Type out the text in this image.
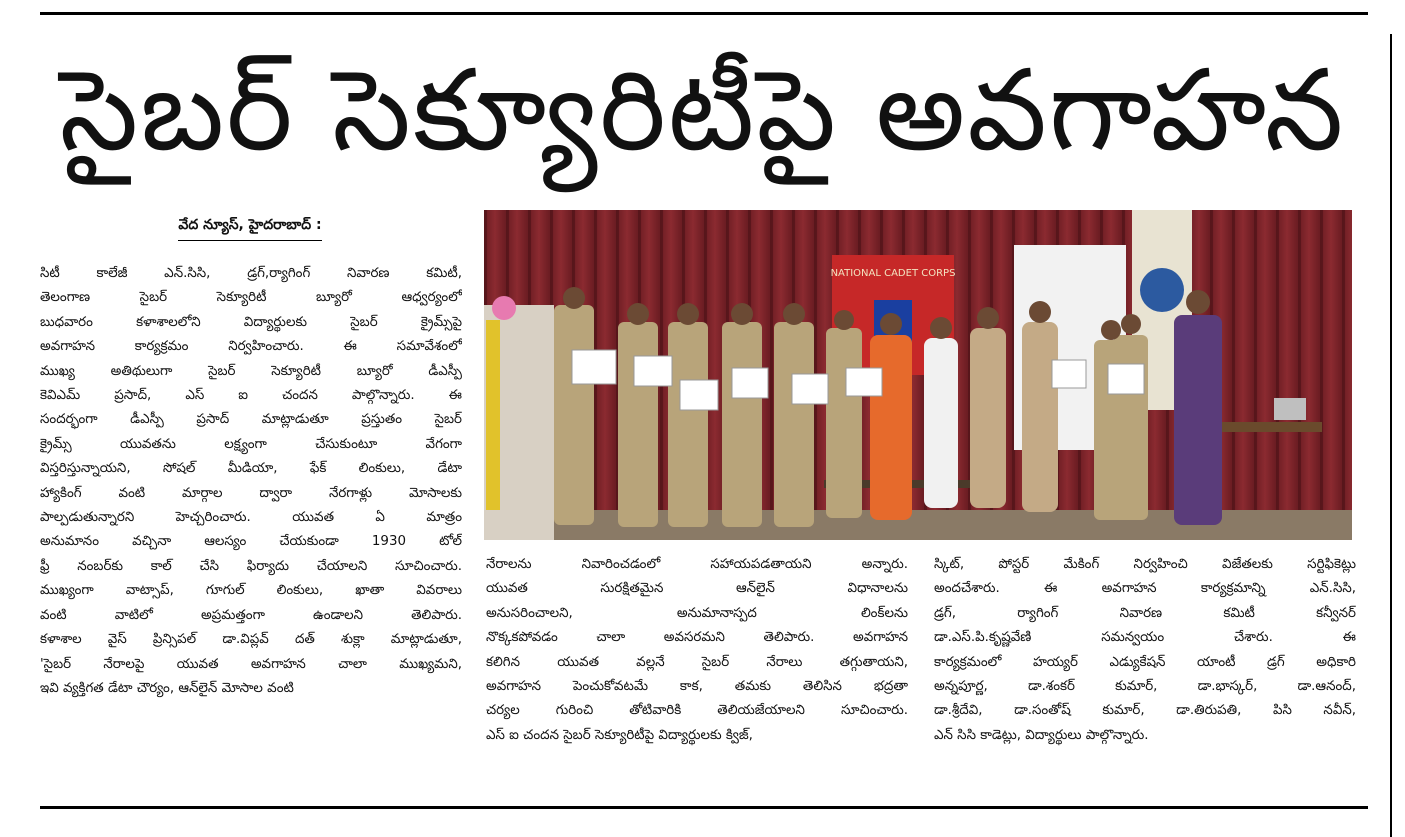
సైబర్ సెక్యూరిటీపై అవగాహన
వేద న్యూస్, హైదరాబాద్ :
సిటీ కాలేజీ ఎన్.సిసి, డ్రగ్,ర్యాగింగ్ నివారణ కమిటీ,
తెలంగాణ సైబర్ సెక్యూరిటీ బ్యూరో ఆధ్వర్యంలో
బుధవారం కళాశాలలోని విద్యార్థులకు సైబర్ క్రైమ్స్‌పై
అవగాహన కార్యక్రమం నిర్వహించారు. ఈ సమావేశంలో
ముఖ్య అతిథులుగా సైబర్ సెక్యూరిటీ బ్యూరో డీఎస్పీ
కెవిఎమ్ ప్రసాద్, ఎస్ ఐ చందన పాల్గొన్నారు. ఈ
సందర్భంగా డీఎస్పీ ప్రసాద్ మాట్లాడుతూ ప్రస్తుతం సైబర్
క్రైమ్స్ యువతను లక్ష్యంగా చేసుకుంటూ వేగంగా
విస్తరిస్తున్నాయని, సోషల్ మీడియా, ఫేక్ లింకులు, డేటా
హ్యాకింగ్ వంటి మార్గాల ద్వారా నేరగాళ్లు మోసాలకు
పాల్పడుతున్నారని హెచ్చరించారు. యువత ఏ మాత్రం
అనుమానం వచ్చినా ఆలస్యం చేయకుండా 1930 టోల్
ఫ్రీ నంబర్‌కు కాల్ చేసి ఫిర్యాదు చేయాలని సూచించారు.
ముఖ్యంగా వాట్సాప్, గూగుల్ లింకులు, ఖాతా వివరాలు
వంటి వాటిలో అప్రమత్తంగా ఉండాలని తెలిపారు.
కళాశాల వైస్ ప్రిన్సిపల్ డా.విప్లవ్ దత్ శుక్లా మాట్లాడుతూ,
'సైబర్ నేరాలపై యువత అవగాహన చాలా ముఖ్యమని,
ఇవి వ్యక్తిగత డేటా చౌర్యం, ఆన్‌లైన్ మోసాల వంటి
NATIONAL CADET CORPS
నేరాలను నివారించడంలో సహాయపడతాయని అన్నారు.
యువత సురక్షితమైన ఆన్‌లైన్ విధానాలను
అనుసరించాలని, అనుమానాస్పద లింక్‌లను
నొక్కకపోవడం చాలా అవసరమని తెలిపారు. అవగాహన
కలిగిన యువత వల్లనే సైబర్ నేరాలు తగ్గుతాయని,
అవగాహన పెంచుకోవటమే కాక, తమకు తెలిసిన భద్రతా
చర్యల గురించి తోటివారికి తెలియజేయాలని సూచించారు.
ఎస్ ఐ చందన సైబర్ సెక్యూరిటీపై విద్యార్థులకు క్విజ్,
స్కిట్, పోస్టర్ మేకింగ్ నిర్వహించి విజేతలకు సర్టిఫికెట్లు
అందచేశారు. ఈ అవగాహన కార్యక్రమాన్ని ఎన్.సిసి,
డ్రగ్, ర్యాగింగ్ నివారణ కమిటీ కన్వీనర్
డా.ఎస్.పి.కృష్ణవేణి సమన్వయం చేశారు. ఈ
కార్యక్రమంలో హయ్యర్ ఎడ్యుకేషన్ యాంటీ డ్రగ్ అధికారి
అన్నపూర్ణ, డా.శంకర్ కుమార్, డా.భాస్కర్, డా.ఆనంద్,
డా.శ్రీదేవి, డా.సంతోష్ కుమార్, డా.తిరుపతి, పిసి నవీన్,
ఎన్ సిసి కాడెట్లు, విద్యార్థులు పాల్గొన్నారు.
